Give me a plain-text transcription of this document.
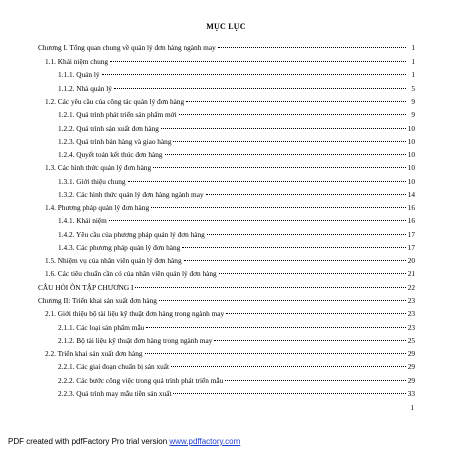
MỤC LỤC
Chương I. Tổng quan chung về quản lý đơn hàng ngành may	1
1.1. Khái niệm chung	1
1.1.1. Quản lý	1
1.1.2. Nhà quản lý	5
1.2. Các yêu cầu của công tác quản lý đơn hàng	9
1.2.1. Quá trình phát triển sản phẩm mới	9
1.2.2. Quá trình sản xuất đơn hàng	10
1.2.3. Quá trình bán hàng và giao hàng	10
1.2.4. Quyết toán kết thúc đơn hàng	10
1.3. Các hình thức quản lý đơn hàng	10
1.3.1. Giới thiệu chung	10
1.3.2. Các hình thức quản lý đơn hàng ngành may	14
1.4. Phương pháp quản lý đơn hàng	16
1.4.1. Khái niệm	16
1.4.2. Yêu cầu của phương pháp quản lý đơn hàng	17
1.4.3. Các phương pháp quản lý đơn hàng	17
1.5. Nhiệm vụ của nhân viên quản lý đơn hàng	20
1.6. Các tiêu chuẩn cần có của nhân viên quản lý đơn hàng	21
CÂU HỎI ÔN TẬP CHƯƠNG I	22
Chương II: Triển khai sản xuất đơn hàng	23
2.1. Giới thiệu bộ tài liệu kỹ thuật đơn hàng trong ngành may	23
2.1.1. Các loại sản phẩm mẫu	23
2.1.2. Bộ tài liệu kỹ thuật đơn hàng trong ngành may	25
2.2. Triển khai sản xuất đơn hàng	29
2.2.1. Các giai đoạn chuẩn bị sản xuất	29
2.2.2. Các bước công việc trong quá trình phát triển mẫu	29
2.2.3. Quá trình may mẫu tiền sản xuất	33
1
PDF created with pdfFactory Pro trial version www.pdffactory.com
